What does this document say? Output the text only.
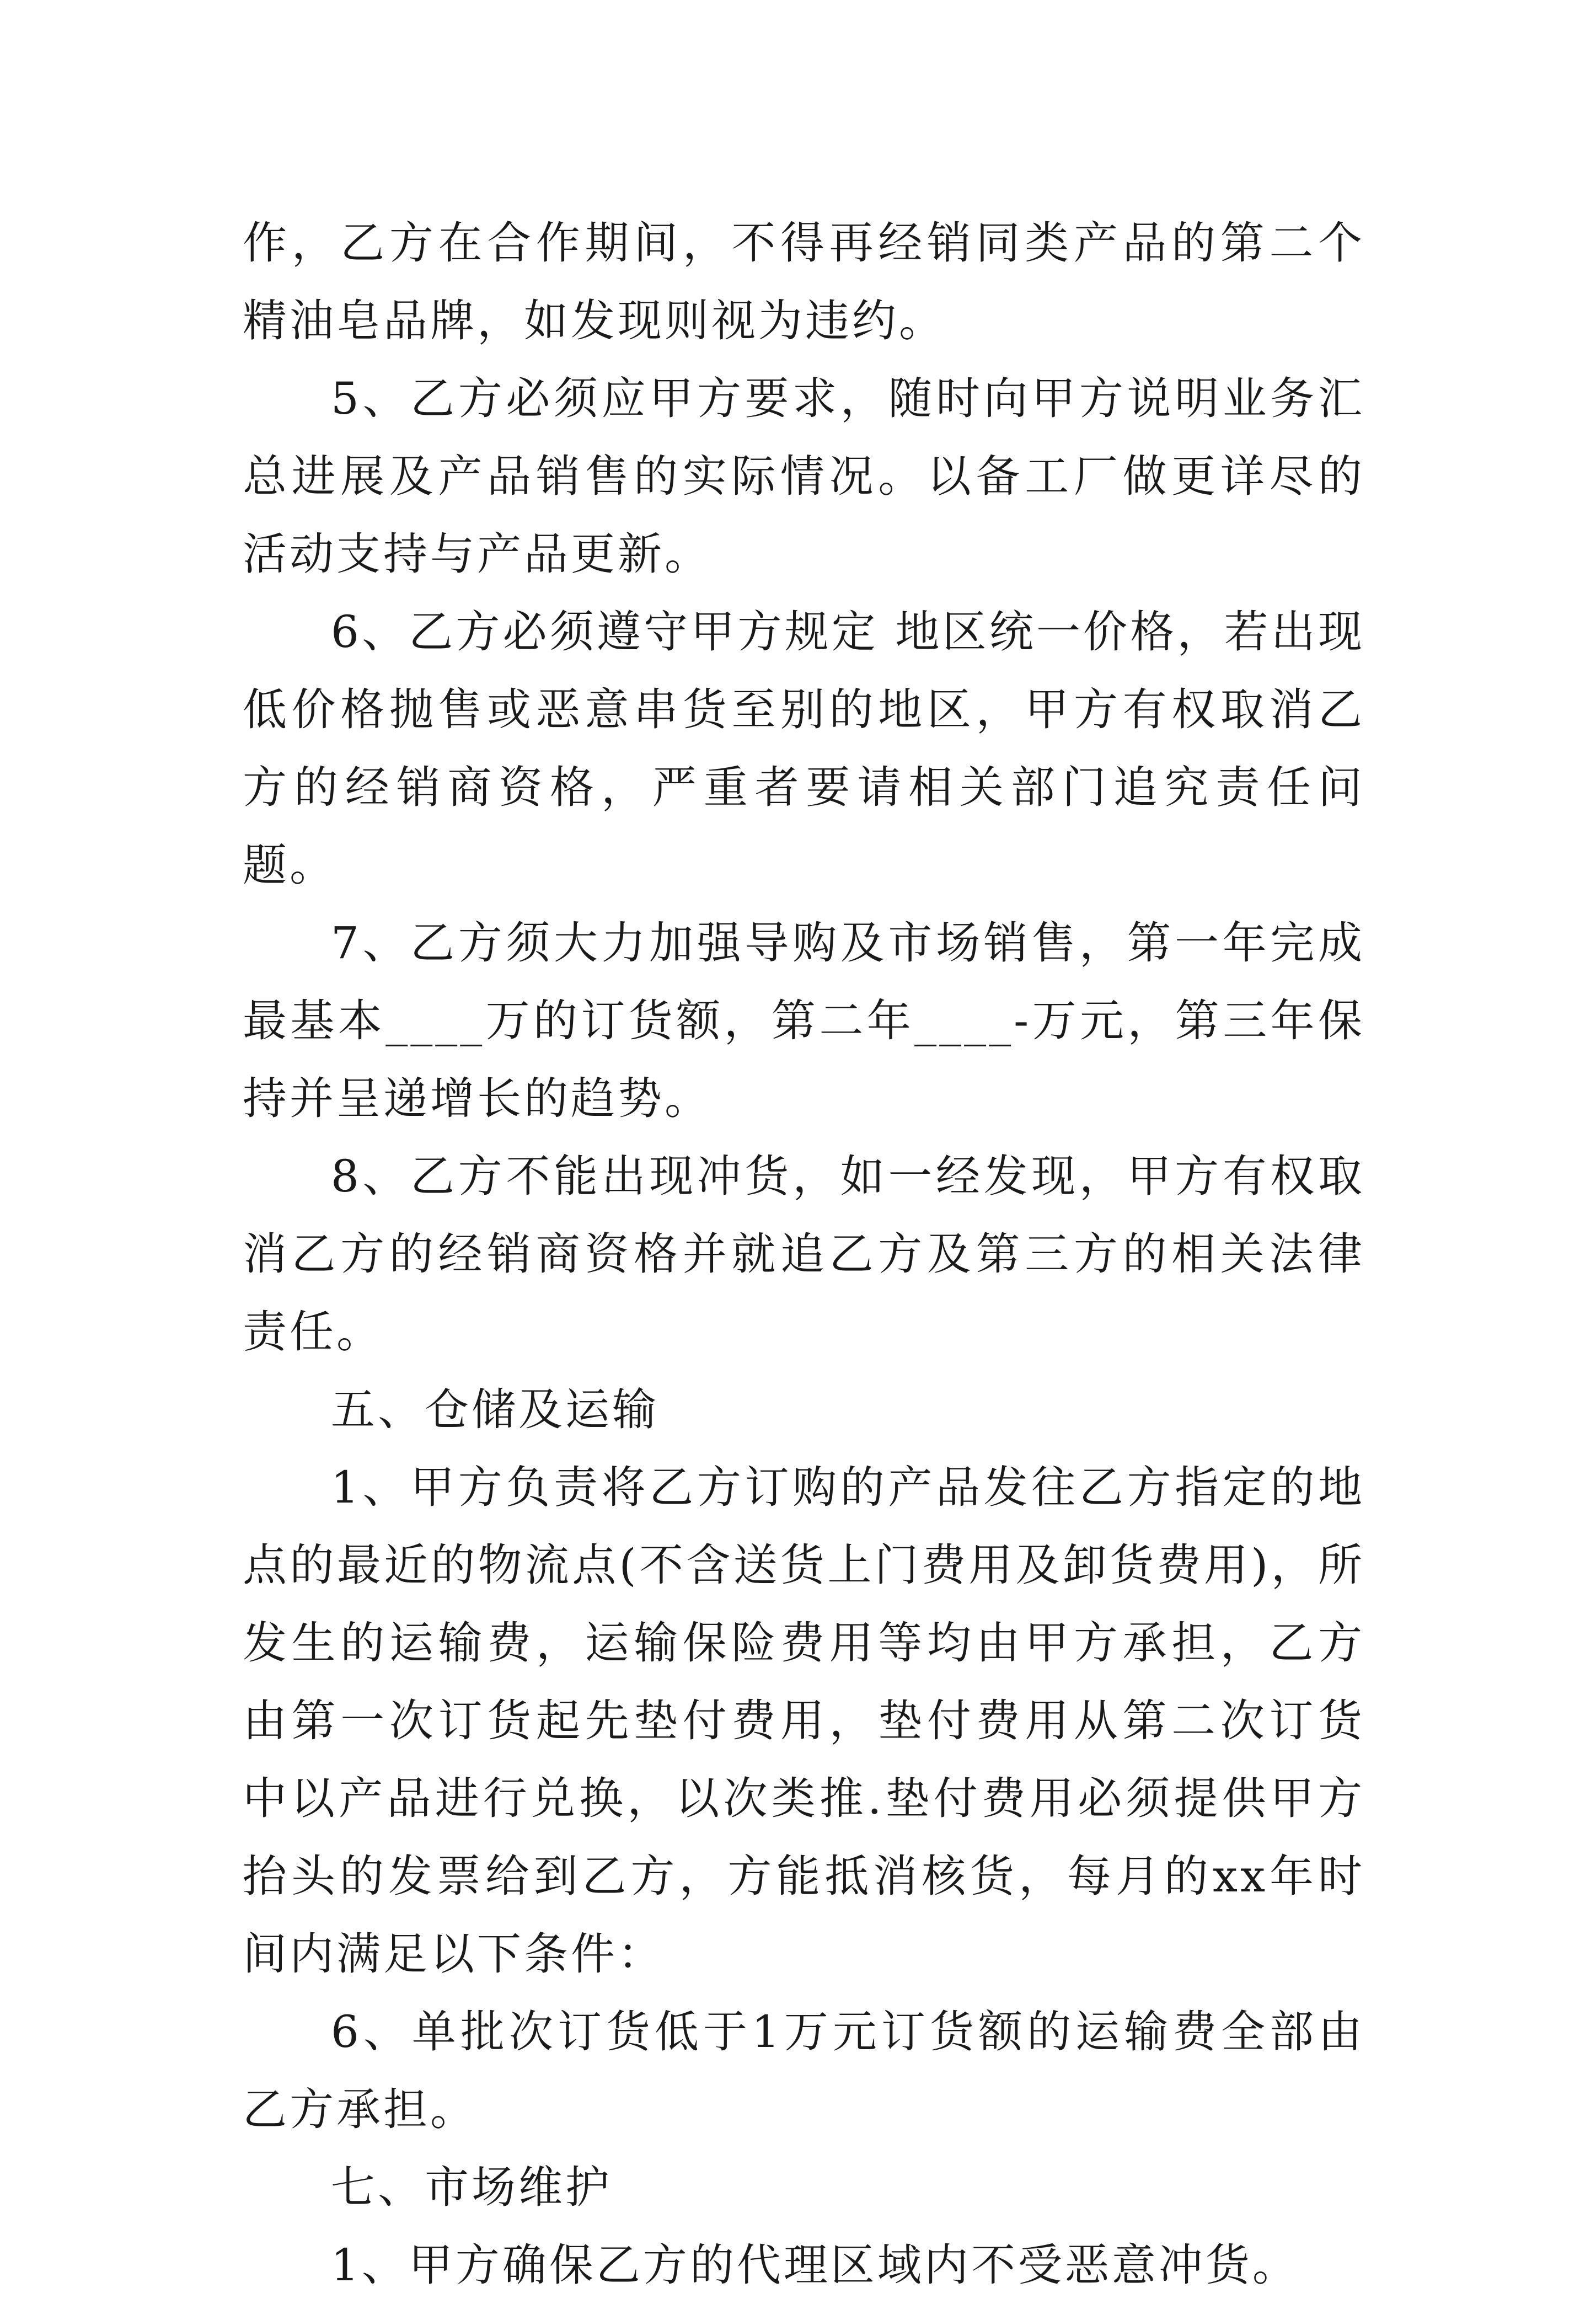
作，乙方在合作期间，不得再经销同类产品的第二个精油皂品牌，如发现则视为违约。

5、乙方必须应甲方要求，随时向甲方说明业务汇总进展及产品销售的实际情况。以备工厂做更详尽的活动支持与产品更新。

6、乙方必须遵守甲方规定 地区统一价格，若出现低价格抛售或恶意串货至别的地区，甲方有权取消乙方的经销商资格，严重者要请相关部门追究责任问题。

7、乙方须大力加强导购及市场销售，第一年完成最基本____万的订货额，第二年____-万元，第三年保持并呈递增长的趋势。

8、乙方不能出现冲货，如一经发现，甲方有权取消乙方的经销商资格并就追乙方及第三方的相关法律责任。

五、仓储及运输

1、甲方负责将乙方订购的产品发往乙方指定的地点的最近的物流点(不含送货上门费用及卸货费用)，所发生的运输费，运输保险费用等均由甲方承担，乙方由第一次订货起先垫付费用，垫付费用从第二次订货中以产品进行兑换，以次类推.垫付费用必须提供甲方抬头的发票给到乙方，方能抵消核货，每月的xx年时间内满足以下条件：

6、单批次订货低于1万元订货额的运输费全部由乙方承担。

七、市场维护

1、甲方确保乙方的代理区域内不受恶意冲货。
